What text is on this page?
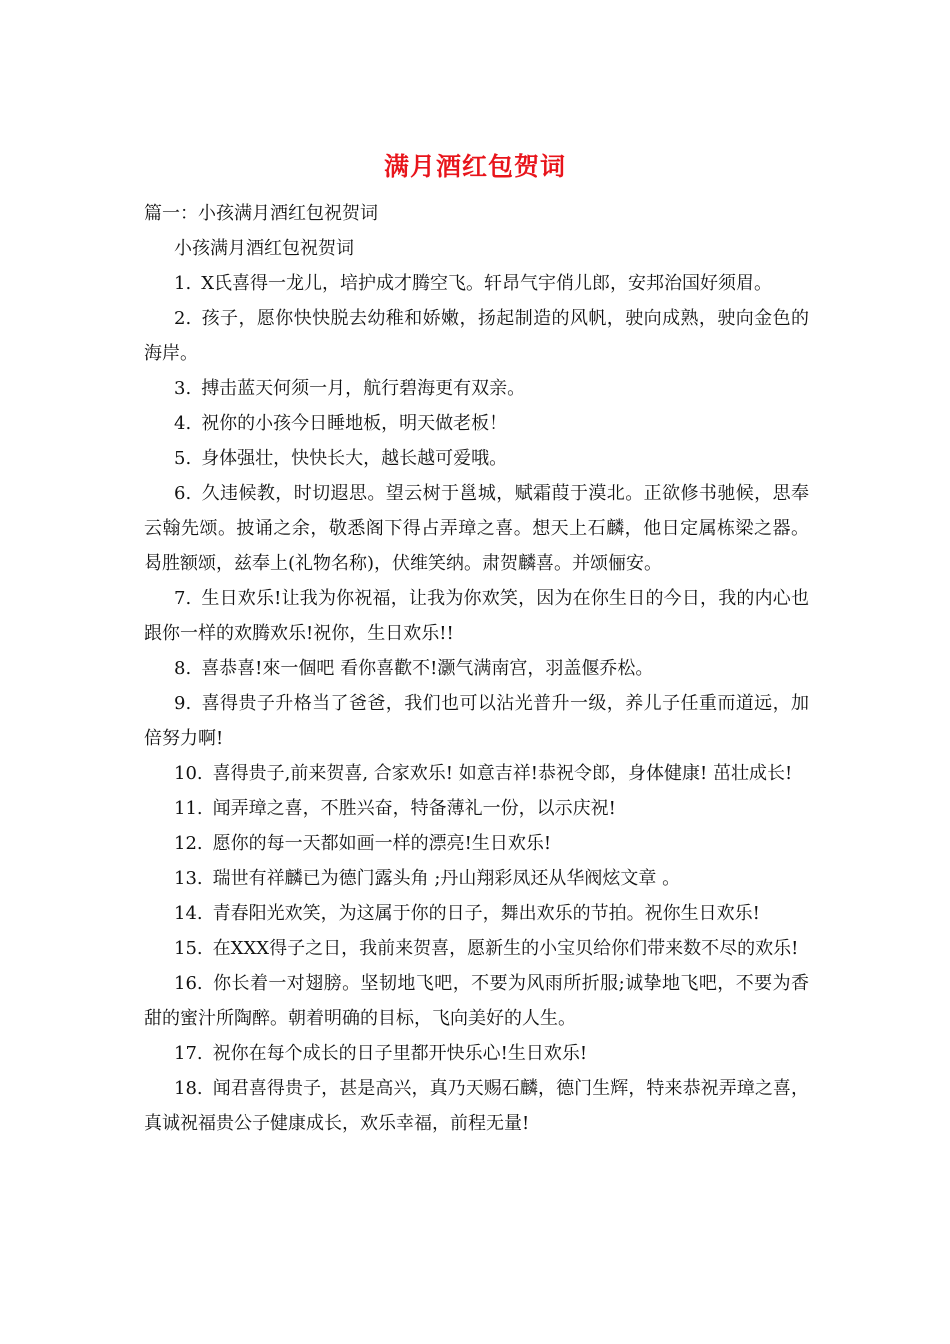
满月酒红包贺词

篇一：小孩满月酒红包祝贺词

小孩满月酒红包祝贺词

1. X氏喜得一龙儿，培护成才腾空飞。轩昂气宇俏儿郎，安邦治国好须眉。

2. 孩子，愿你快快脱去幼稚和娇嫩，扬起制造的风帆，驶向成熟，驶向金色的海岸。

3. 搏击蓝天何须一月，航行碧海更有双亲。

4. 祝你的小孩今日睡地板，明天做老板！

5. 身体强壮，快快长大，越长越可爱哦。

6. 久违候教，时切遐思。望云树于邕城，赋霜葭于漠北。正欲修书驰候，思奉云翰先颂。披诵之余，敬悉阁下得占弄璋之喜。想天上石麟，他日定属栋梁之器。曷胜额颂，兹奉上(礼物名称)，伏维笑纳。肃贺麟喜。并颂俪安。

7. 生日欢乐!让我为你祝福，让我为你欢笑，因为在你生日的今日，我的内心也跟你一样的欢腾欢乐!祝你，生日欢乐!!

8. 喜恭喜!來一個吧 看你喜歡不!灏气满南宫，羽盖偃乔松。

9. 喜得贵子升格当了爸爸，我们也可以沾光普升一级，养儿子任重而道远，加倍努力啊!

10. 喜得贵子,前来贺喜, 合家欢乐! 如意吉祥!恭祝令郎，身体健康! 茁壮成长!

11. 闻弄璋之喜，不胜兴奋，特备薄礼一份，以示庆祝!

12. 愿你的每一天都如画一样的漂亮!生日欢乐!

13. 瑞世有祥麟已为德门露头角 ;丹山翔彩凤还从华阀炫文章 。

14. 青春阳光欢笑，为这属于你的日子，舞出欢乐的节拍。祝你生日欢乐!

15. 在XXX得子之日，我前来贺喜，愿新生的小宝贝给你们带来数不尽的欢乐!

16. 你长着一对翅膀。坚韧地飞吧，不要为风雨所折服;诚挚地飞吧，不要为香甜的蜜汁所陶醉。朝着明确的目标，飞向美好的人生。

17. 祝你在每个成长的日子里都开快乐心!生日欢乐!

18. 闻君喜得贵子，甚是高兴，真乃天赐石麟，德门生辉，特来恭祝弄璋之喜，真诚祝福贵公子健康成长，欢乐幸福，前程无量!
